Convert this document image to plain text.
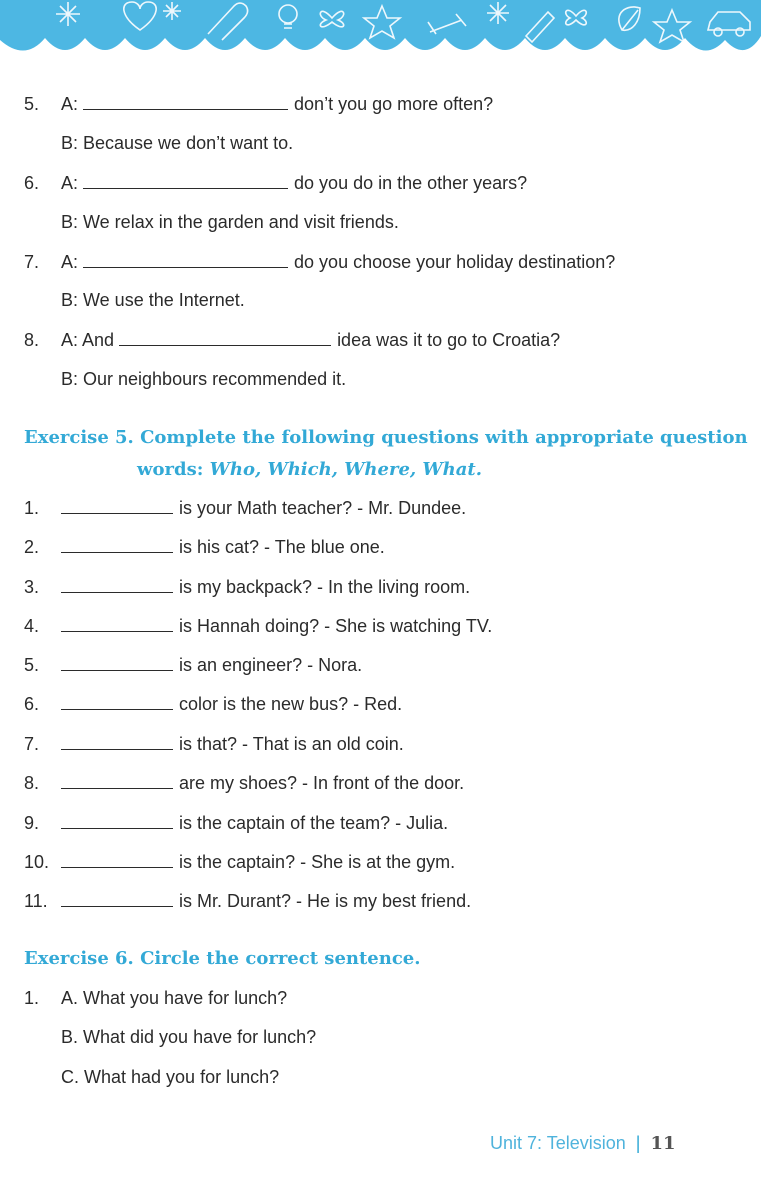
5. A:	don’t you go more often?
B: Because we don’t want to.
6. A:	do you do in the other years?
B: We relax in the garden and visit friends.
7. A:	do you choose your holiday destination?
B: We use the Internet.
8. A: And	idea was it to go to Croatia?
B: Our neighbours recommended it.
Exercise 5. Complete the following questions with appropriate question
words: Who, Which, Where, What.
1.	is your Math teacher? - Mr. Dundee.
2.	is his cat? - The blue one.
3.	is my backpack? - In the living room.
4.	is Hannah doing? - She is watching TV.
5.	is an engineer? - Nora.
6.	color is the new bus? - Red.
7.	is that? - That is an old coin.
8.	are my shoes? - In front of the door.
9.	is the captain of the team? - Julia.
10.	is the captain? - She is at the gym.
11.	is Mr. Durant? - He is my best friend.
Exercise 6. Circle the correct sentence.
1. A. What you have for lunch?
B. What did you have for lunch?
C. What had you for lunch?
Unit 7: Television | 11
